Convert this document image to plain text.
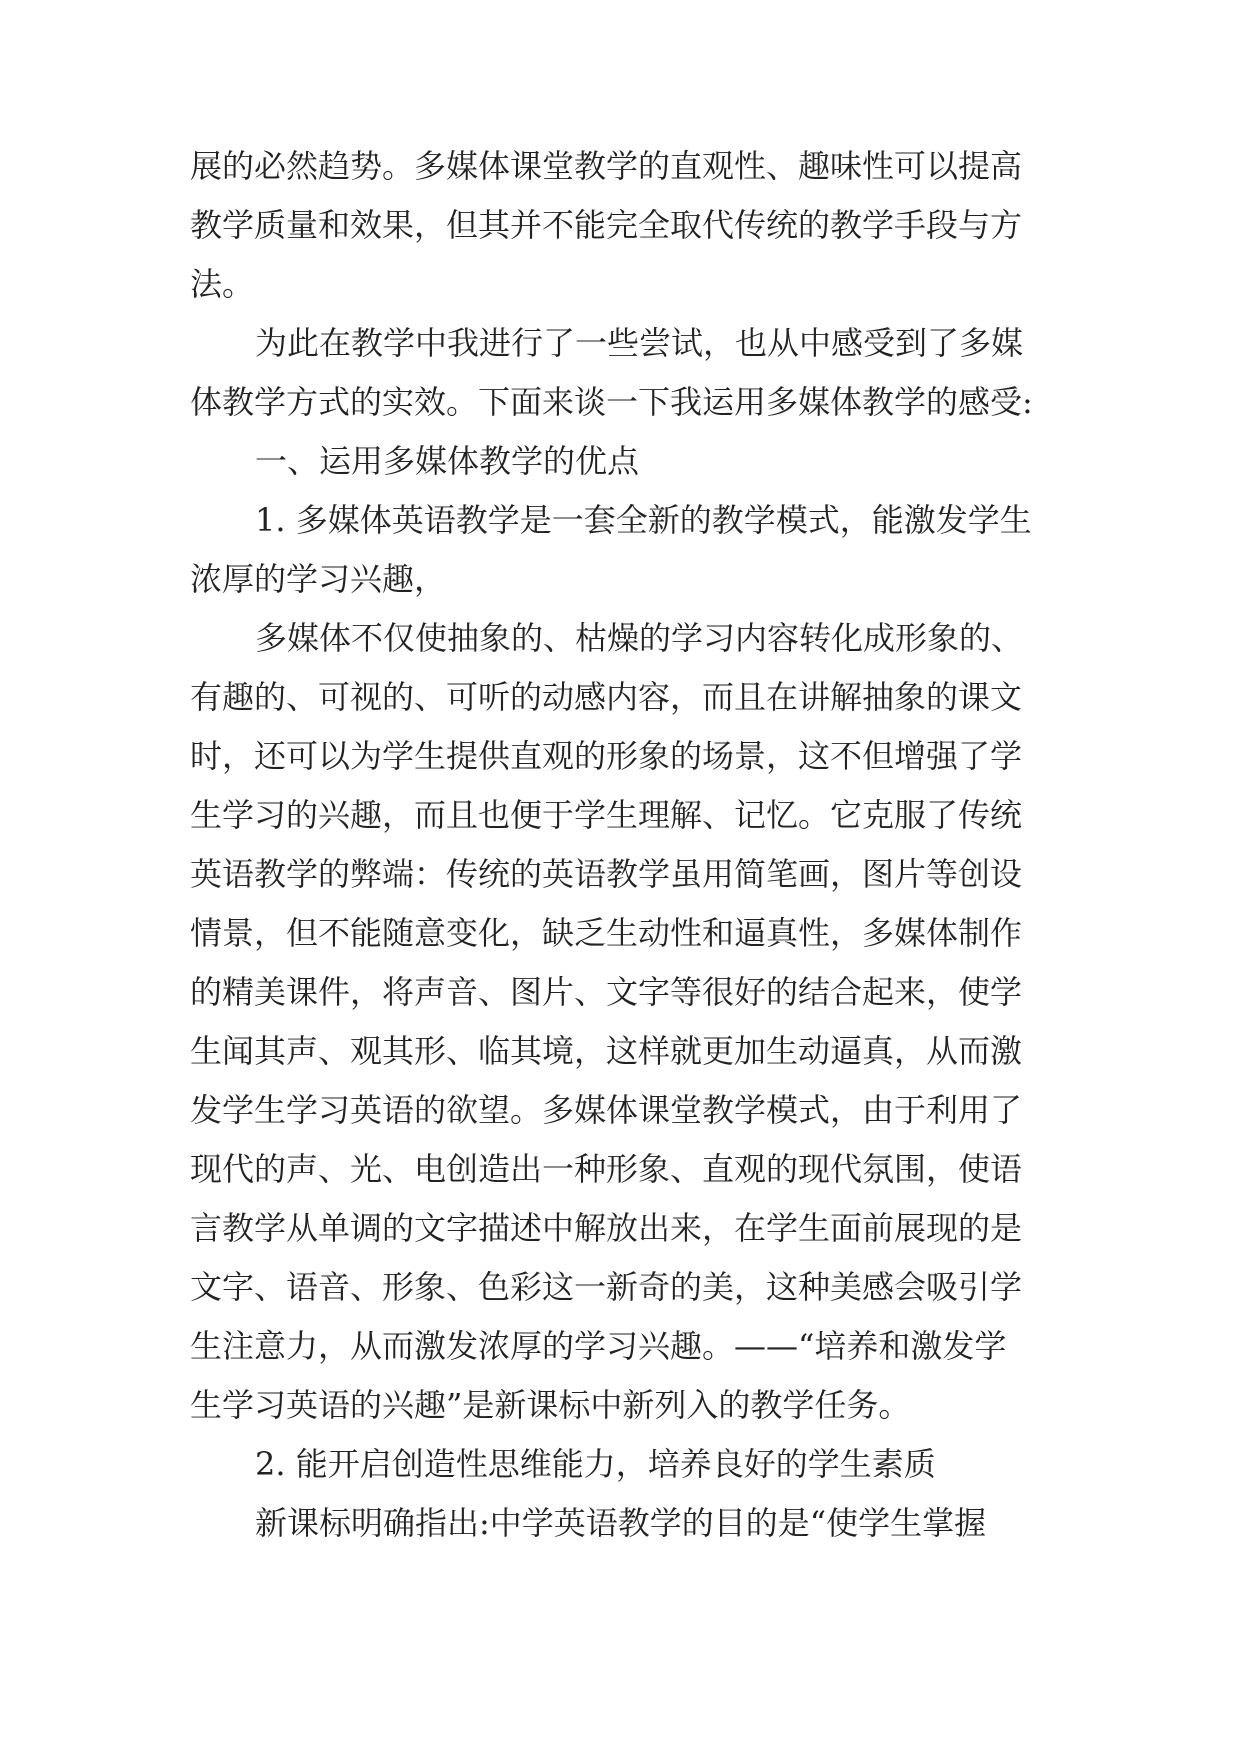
展的必然趋势。多媒体课堂教学的直观性、趣味性可以提高
教学质量和效果，但其并不能完全取代传统的教学手段与方
法。
为此在教学中我进行了一些尝试，也从中感受到了多媒
体教学方式的实效。下面来谈一下我运用多媒体教学的感受:
一、运用多媒体教学的优点
1. 多媒体英语教学是一套全新的教学模式，能激发学生
浓厚的学习兴趣，
多媒体不仅使抽象的、枯燥的学习内容转化成形象的、
有趣的、可视的、可听的动感内容，而且在讲解抽象的课文
时，还可以为学生提供直观的形象的场景，这不但增强了学
生学习的兴趣，而且也便于学生理解、记忆。它克服了传统
英语教学的弊端：传统的英语教学虽用简笔画，图片等创设
情景，但不能随意变化，缺乏生动性和逼真性，多媒体制作
的精美课件，将声音、图片、文字等很好的结合起来，使学
生闻其声、观其形、临其境，这样就更加生动逼真，从而激
发学生学习英语的欲望。多媒体课堂教学模式，由于利用了
现代的声、光、电创造出一种形象、直观的现代氛围，使语
言教学从单调的文字描述中解放出来，在学生面前展现的是
文字、语音、形象、色彩这一新奇的美，这种美感会吸引学
生注意力，从而激发浓厚的学习兴趣。——“培养和激发学
生学习英语的兴趣”是新课标中新列入的教学任务。
2. 能开启创造性思维能力，培养良好的学生素质
新课标明确指出:中学英语教学的目的是“使学生掌握
